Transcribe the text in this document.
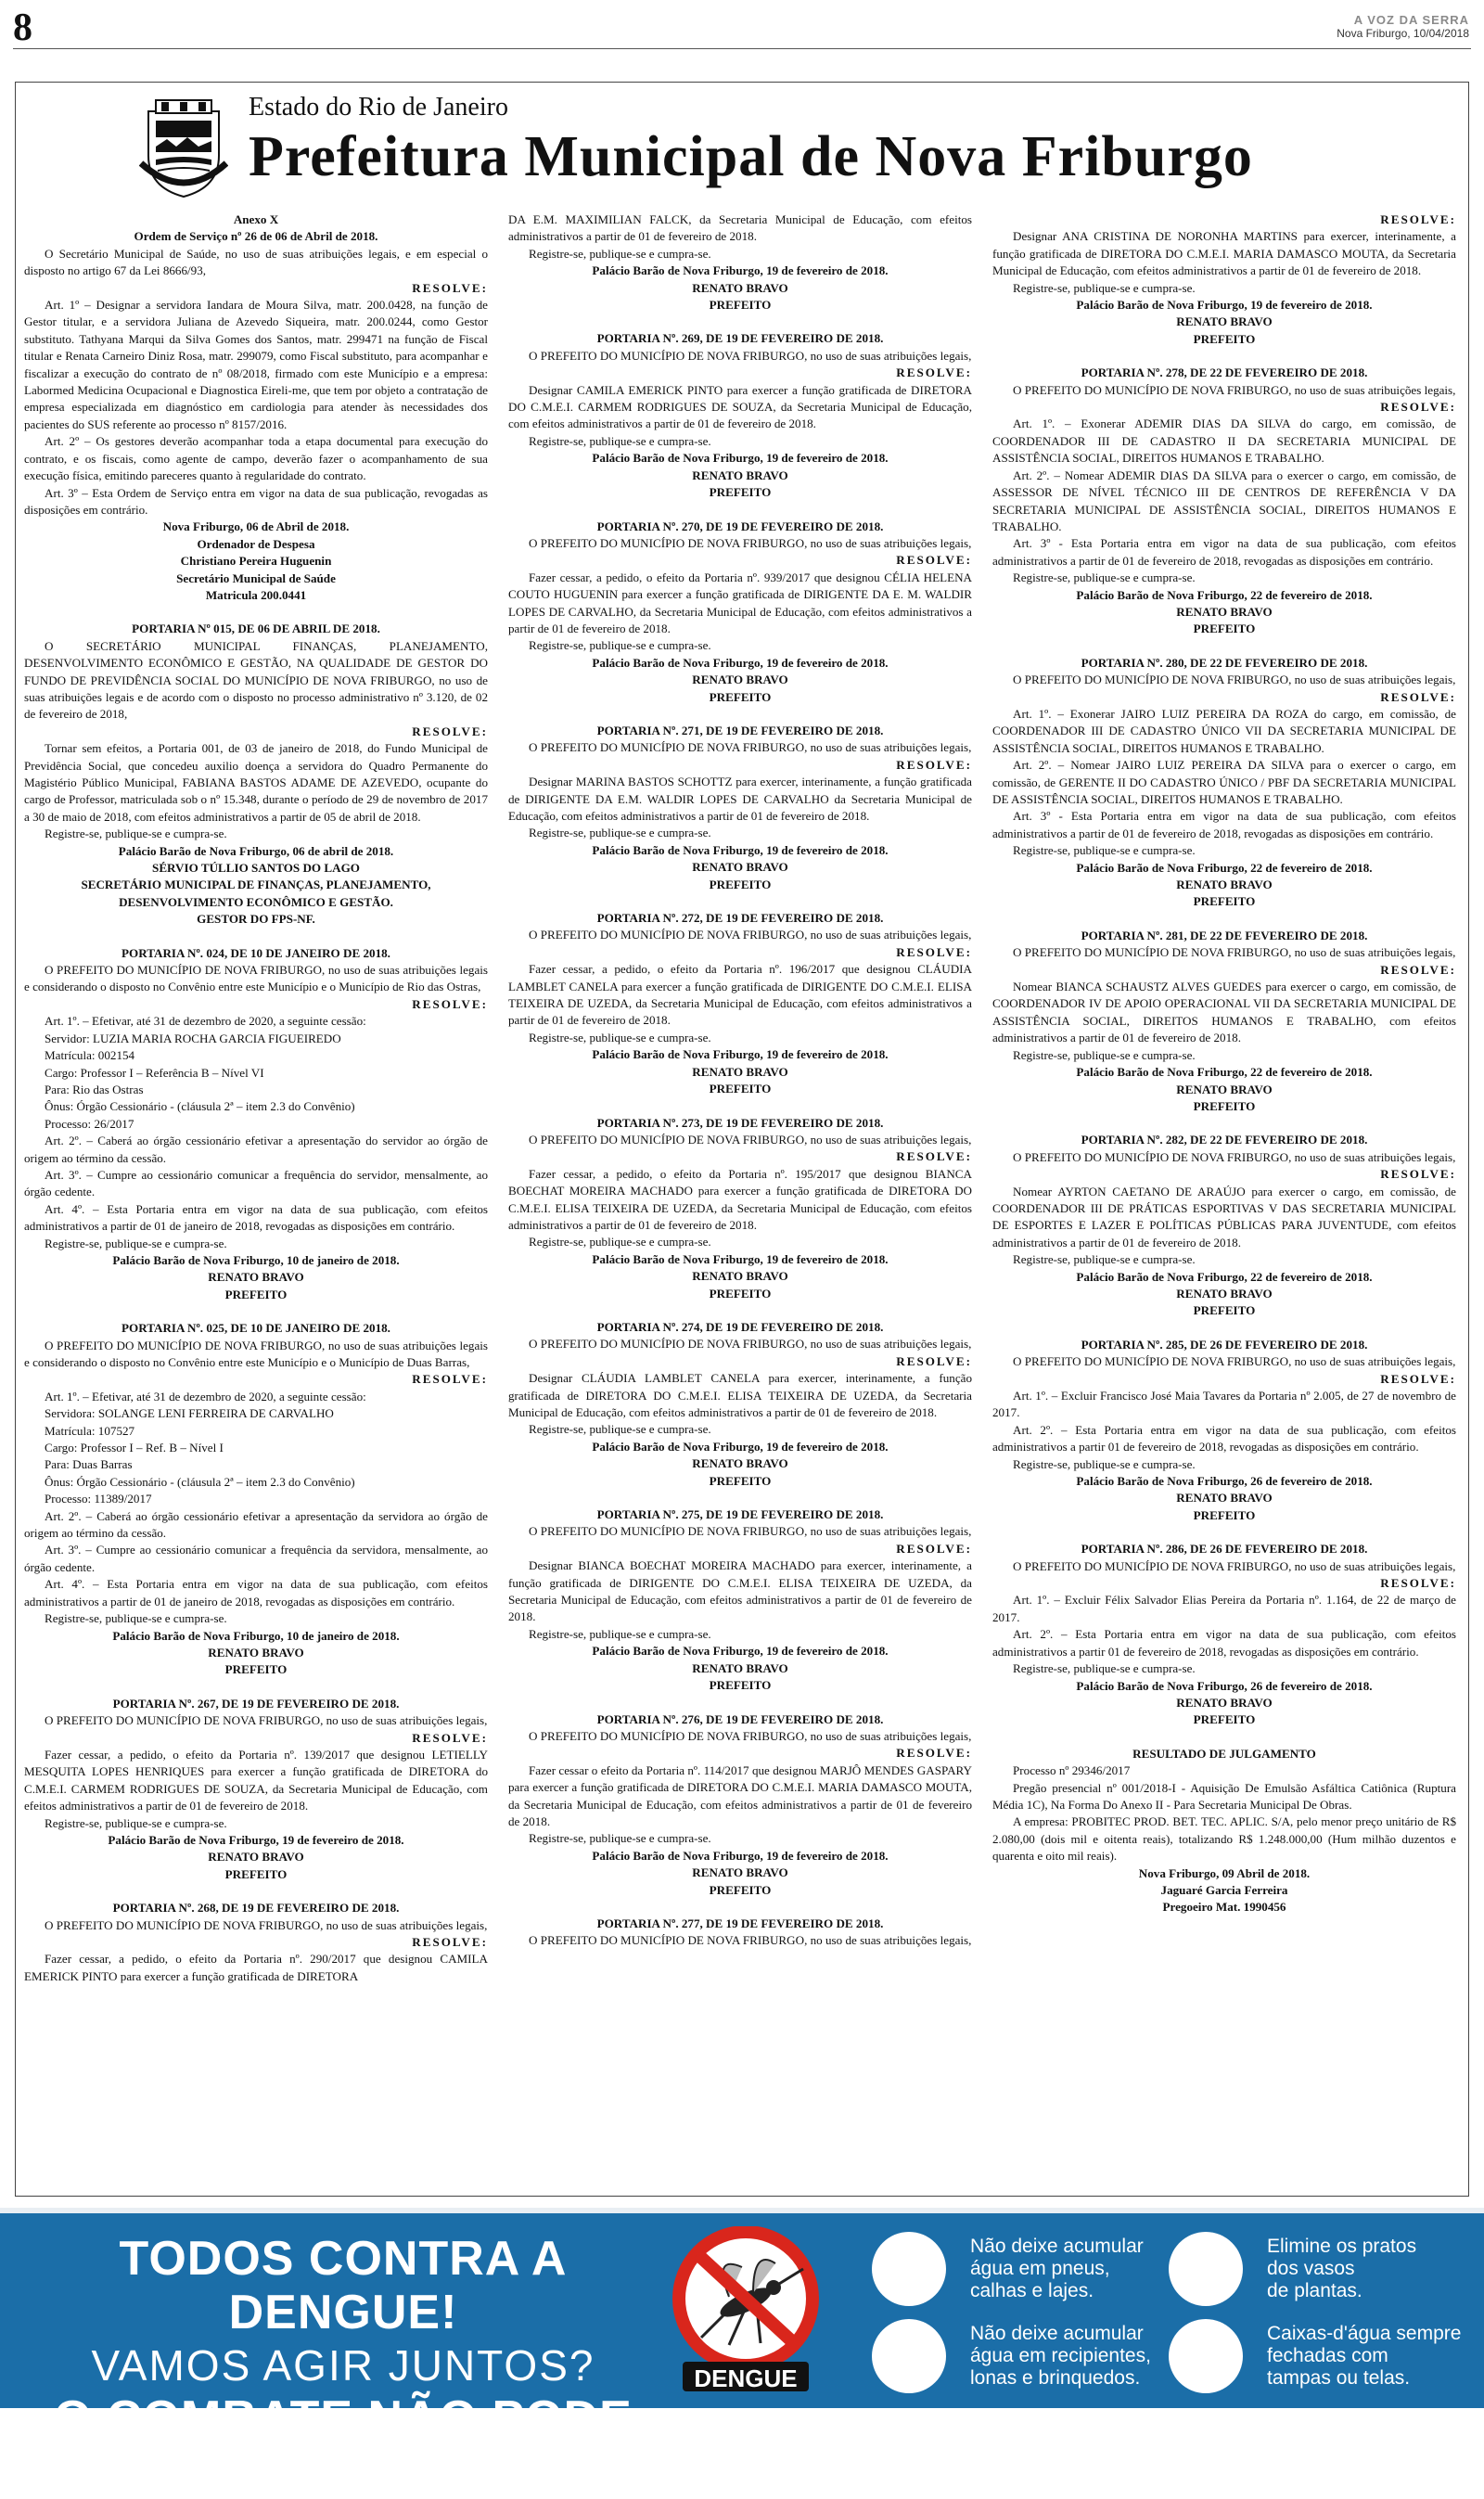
8	A VOZ DA SERRA
Nova Friburgo, 10/04/2018
Estado do Rio de Janeiro
Prefeitura Municipal de Nova Friburgo

Anexo X

Ordem de Serviço nº 26 de 06 de Abril de 2018.

O Secretário Municipal de Saúde, no uso de suas atribuições legais, e em especial o disposto no artigo 67 da Lei 8666/93,

RESOLVE:

Art. 1º – Designar a servidora Iandara de Moura Silva, matr. 200.0428, na função de Gestor titular, e a servidora Juliana de Azevedo Siqueira, matr. 200.0244, como Gestor substituto. Tathyana Marqui da Silva Gomes dos Santos, matr. 299471 na função de Fiscal titular e Renata Carneiro Diniz Rosa, matr. 299079, como Fiscal substituto, para acompanhar e fiscalizar a execução do contrato de nº 08/2018, firmado com este Município e a empresa: Labormed Medicina Ocupacional e Diagnostica Eireli-me, que tem por objeto a contratação de empresa especializada em diagnóstico em cardiologia para atender às necessidades dos pacientes do SUS referente ao processo nº 8157/2016.

Art. 2º – Os gestores deverão acompanhar toda a etapa documental para execução do contrato, e os fiscais, como agente de campo, deverão fazer o acompanhamento de sua execução física, emitindo pareceres quanto à regularidade do contrato.

Art. 3º – Esta Ordem de Serviço entra em vigor na data de sua publicação, revogadas as disposições em contrário.

Nova Friburgo, 06 de Abril de 2018.

Ordenador de Despesa

Christiano Pereira Huguenin

Secretário Municipal de Saúde

Matricula 200.0441

PORTARIA Nº 015, DE 06 DE ABRIL DE 2018.

O SECRETÁRIO MUNICIPAL FINANÇAS, PLANEJAMENTO, DESENVOLVIMENTO ECONÔMICO E GESTÃO, NA QUALIDADE DE GESTOR DO FUNDO DE PREVIDÊNCIA SOCIAL DO MUNICÍPIO DE NOVA FRIBURGO, no uso de suas atribuições legais e de acordo com o disposto no processo administrativo nº 3.120, de 02 de fevereiro de 2018,

RESOLVE:

Tornar sem efeitos, a Portaria 001, de 03 de janeiro de 2018, do Fundo Municipal de Previdência Social, que concedeu auxilio doença a servidora do Quadro Permanente do Magistério Público Municipal, FABIANA BASTOS ADAME DE AZEVEDO, ocupante do cargo de Professor, matriculada sob o nº 15.348, durante o período de 29 de novembro de 2017 a 30 de maio de 2018, com efeitos administrativos a partir de 05 de abril de 2018.

Registre-se, publique-se e cumpra-se.

Palácio Barão de Nova Friburgo, 06 de abril de 2018.

SÉRVIO TÚLLIO SANTOS DO LAGO

SECRETÁRIO MUNICIPAL DE FINANÇAS, PLANEJAMENTO, DESENVOLVIMENTO ECONÔMICO E GESTÃO.

GESTOR DO FPS-NF.

PORTARIA Nº. 024, DE 10 DE JANEIRO DE 2018.

O PREFEITO DO MUNICÍPIO DE NOVA FRIBURGO, no uso de suas atribuições legais e considerando o disposto no Convênio entre este Município e o Município de Rio das Ostras,

RESOLVE:

Art. 1º. – Efetivar, até 31 de dezembro de 2020, a seguinte cessão:

Servidor: LUZIA MARIA ROCHA GARCIA FIGUEIREDO

Matrícula: 002154

Cargo: Professor I – Referência B – Nível VI

Para: Rio das Ostras

Ônus: Órgão Cessionário - (cláusula 2ª – item 2.3 do Convênio)

Processo: 26/2017

Art. 2º. – Caberá ao órgão cessionário efetivar a apresentação do servidor ao órgão de origem ao término da cessão.

Art. 3º. – Cumpre ao cessionário comunicar a frequência do servidor, mensalmente, ao órgão cedente.

Art. 4º. – Esta Portaria entra em vigor na data de sua publicação, com efeitos administrativos a partir de 01 de janeiro de 2018, revogadas as disposições em contrário.

Registre-se, publique-se e cumpra-se.

Palácio Barão de Nova Friburgo, 10 de janeiro de 2018.

RENATO BRAVO

PREFEITO

PORTARIA Nº. 025, DE 10 DE JANEIRO DE 2018.

O PREFEITO DO MUNICÍPIO DE NOVA FRIBURGO, no uso de suas atribuições legais e considerando o disposto no Convênio entre este Município e o Município de Duas Barras,

RESOLVE:

Art. 1º. – Efetivar, até 31 de dezembro de 2020, a seguinte cessão:

Servidora: SOLANGE LENI FERREIRA DE CARVALHO

Matrícula: 107527

Cargo: Professor I – Ref. B – Nível I

Para: Duas Barras

Ônus: Órgão Cessionário - (cláusula 2ª – item 2.3 do Convênio)

Processo: 11389/2017

Art. 2º. – Caberá ao órgão cessionário efetivar a apresentação da servidora ao órgão de origem ao término da cessão.

Art. 3º. – Cumpre ao cessionário comunicar a frequência da servidora, mensalmente, ao órgão cedente.

Art. 4º. – Esta Portaria entra em vigor na data de sua publicação, com efeitos administrativos a partir de 01 de janeiro de 2018, revogadas as disposições em contrário.

Registre-se, publique-se e cumpra-se.

Palácio Barão de Nova Friburgo, 10 de janeiro de 2018.

RENATO BRAVO

PREFEITO

PORTARIA Nº. 267, DE 19 DE FEVEREIRO DE 2018.

O PREFEITO DO MUNICÍPIO DE NOVA FRIBURGO, no uso de suas atribuições legais,

RESOLVE:

Fazer cessar, a pedido, o efeito da Portaria nº. 139/2017 que designou LETIELLY MESQUITA LOPES HENRIQUES para exercer a função gratificada de DIRETORA do C.M.E.I. CARMEM RODRIGUES DE SOUZA, da Secretaria Municipal de Educação, com efeitos administrativos a partir de 01 de fevereiro de 2018.

Registre-se, publique-se e cumpra-se.

Palácio Barão de Nova Friburgo, 19 de fevereiro de 2018.

RENATO BRAVO

PREFEITO

PORTARIA Nº. 268, DE 19 DE FEVEREIRO DE 2018.

O PREFEITO DO MUNICÍPIO DE NOVA FRIBURGO, no uso de suas atribuições legais,

RESOLVE:

Fazer cessar, a pedido, o efeito da Portaria nº. 290/2017 que designou CAMILA EMERICK PINTO para exercer a função gratificada de DIRETORA

DA E.M. MAXIMILIAN FALCK, da Secretaria Municipal de Educação, com efeitos administrativos a partir de 01 de fevereiro de 2018.

Registre-se, publique-se e cumpra-se.

Palácio Barão de Nova Friburgo, 19 de fevereiro de 2018.

RENATO BRAVO

PREFEITO

PORTARIA Nº. 269, DE 19 DE FEVEREIRO DE 2018.

O PREFEITO DO MUNICÍPIO DE NOVA FRIBURGO, no uso de suas atribuições legais,

RESOLVE:

Designar CAMILA EMERICK PINTO para exercer a função gratificada de DIRETORA DO C.M.E.I. CARMEM RODRIGUES DE SOUZA, da Secretaria Municipal de Educação, com efeitos administrativos a partir de 01 de fevereiro de 2018.

Registre-se, publique-se e cumpra-se.

Palácio Barão de Nova Friburgo, 19 de fevereiro de 2018.

RENATO BRAVO

PREFEITO

PORTARIA Nº. 270, DE 19 DE FEVEREIRO DE 2018.

O PREFEITO DO MUNICÍPIO DE NOVA FRIBURGO, no uso de suas atribuições legais,

RESOLVE:

Fazer cessar, a pedido, o efeito da Portaria nº. 939/2017 que designou CÉLIA HELENA COUTO HUGUENIN para exercer a função gratificada de DIRIGENTE DA E. M. WALDIR LOPES DE CARVALHO, da Secretaria Municipal de Educação, com efeitos administrativos a partir de 01 de fevereiro de 2018.

Registre-se, publique-se e cumpra-se.

Palácio Barão de Nova Friburgo, 19 de fevereiro de 2018.

RENATO BRAVO

PREFEITO

PORTARIA Nº. 271, DE 19 DE FEVEREIRO DE 2018.

O PREFEITO DO MUNICÍPIO DE NOVA FRIBURGO, no uso de suas atribuições legais,

RESOLVE:

Designar MARINA BASTOS SCHOTTZ para exercer, interinamente, a função gratificada de DIRIGENTE DA E.M. WALDIR LOPES DE CARVALHO da Secretaria Municipal de Educação, com efeitos administrativos a partir de 01 de fevereiro de 2018.

Registre-se, publique-se e cumpra-se.

Palácio Barão de Nova Friburgo, 19 de fevereiro de 2018.

RENATO BRAVO

PREFEITO

PORTARIA Nº. 272, DE 19 DE FEVEREIRO DE 2018.

O PREFEITO DO MUNICÍPIO DE NOVA FRIBURGO, no uso de suas atribuições legais,

RESOLVE:

Fazer cessar, a pedido, o efeito da Portaria nº. 196/2017 que designou CLÁUDIA LAMBLET CANELA para exercer a função gratificada de DIRIGENTE DO C.M.E.I. ELISA TEIXEIRA DE UZEDA, da Secretaria Municipal de Educação, com efeitos administrativos a partir de 01 de fevereiro de 2018.

Registre-se, publique-se e cumpra-se.

Palácio Barão de Nova Friburgo, 19 de fevereiro de 2018.

RENATO BRAVO

PREFEITO

PORTARIA Nº. 273, DE 19 DE FEVEREIRO DE 2018.

O PREFEITO DO MUNICÍPIO DE NOVA FRIBURGO, no uso de suas atribuições legais,

RESOLVE:

Fazer cessar, a pedido, o efeito da Portaria nº. 195/2017 que designou BIANCA BOECHAT MOREIRA MACHADO para exercer a função gratificada de DIRETORA DO C.M.E.I. ELISA TEIXEIRA DE UZEDA, da Secretaria Municipal de Educação, com efeitos administrativos a partir de 01 de fevereiro de 2018.

Registre-se, publique-se e cumpra-se.

Palácio Barão de Nova Friburgo, 19 de fevereiro de 2018.

RENATO BRAVO

PREFEITO

PORTARIA Nº. 274, DE 19 DE FEVEREIRO DE 2018.

O PREFEITO DO MUNICÍPIO DE NOVA FRIBURGO, no uso de suas atribuições legais,

RESOLVE:

Designar CLÁUDIA LAMBLET CANELA para exercer, interinamente, a função gratificada de DIRETORA DO C.M.E.I. ELISA TEIXEIRA DE UZEDA, da Secretaria Municipal de Educação, com efeitos administrativos a partir de 01 de fevereiro de 2018.

Registre-se, publique-se e cumpra-se.

Palácio Barão de Nova Friburgo, 19 de fevereiro de 2018.

RENATO BRAVO

PREFEITO

PORTARIA Nº. 275, DE 19 DE FEVEREIRO DE 2018.

O PREFEITO DO MUNICÍPIO DE NOVA FRIBURGO, no uso de suas atribuições legais,

RESOLVE:

Designar BIANCA BOECHAT MOREIRA MACHADO para exercer, interinamente, a função gratificada de DIRIGENTE DO C.M.E.I. ELISA TEIXEIRA DE UZEDA, da Secretaria Municipal de Educação, com efeitos administrativos a partir de 01 de fevereiro de 2018.

Registre-se, publique-se e cumpra-se.

Palácio Barão de Nova Friburgo, 19 de fevereiro de 2018.

RENATO BRAVO

PREFEITO

PORTARIA Nº. 276, DE 19 DE FEVEREIRO DE 2018.

O PREFEITO DO MUNICÍPIO DE NOVA FRIBURGO, no uso de suas atribuições legais,

RESOLVE:

Fazer cessar o efeito da Portaria nº. 114/2017 que designou MARJÔ MENDES GASPARY para exercer a função gratificada de DIRETORA DO C.M.E.I. MARIA DAMASCO MOUTA, da Secretaria Municipal de Educação, com efeitos administrativos a partir de 01 de fevereiro de 2018.

Registre-se, publique-se e cumpra-se.

Palácio Barão de Nova Friburgo, 19 de fevereiro de 2018.

RENATO BRAVO

PREFEITO

PORTARIA Nº. 277, DE 19 DE FEVEREIRO DE 2018.

O PREFEITO DO MUNICÍPIO DE NOVA FRIBURGO, no uso de suas atribuições legais,

RESOLVE:

Designar ANA CRISTINA DE NORONHA MARTINS para exercer, interinamente, a função gratificada de DIRETORA DO C.M.E.I. MARIA DAMASCO MOUTA, da Secretaria Municipal de Educação, com efeitos administrativos a partir de 01 de fevereiro de 2018.

Registre-se, publique-se e cumpra-se.

Palácio Barão de Nova Friburgo, 19 de fevereiro de 2018.

RENATO BRAVO

PREFEITO

PORTARIA Nº. 278, DE 22 DE FEVEREIRO DE 2018.

O PREFEITO DO MUNICÍPIO DE NOVA FRIBURGO, no uso de suas atribuições legais,

RESOLVE:

Art. 1º. – Exonerar ADEMIR DIAS DA SILVA do cargo, em comissão, de COORDENADOR III DE CADASTRO II DA SECRETARIA MUNICIPAL DE ASSISTÊNCIA SOCIAL, DIREITOS HUMANOS E TRABALHO.

Art. 2º. – Nomear ADEMIR DIAS DA SILVA para o exercer o cargo, em comissão, de ASSESSOR DE NÍVEL TÉCNICO III DE CENTROS DE REFERÊNCIA V DA SECRETARIA MUNICIPAL DE ASSISTÊNCIA SOCIAL, DIREITOS HUMANOS E TRABALHO.

Art. 3º - Esta Portaria entra em vigor na data de sua publicação, com efeitos administrativos a partir de 01 de fevereiro de 2018, revogadas as disposições em contrário.

Registre-se, publique-se e cumpra-se.

Palácio Barão de Nova Friburgo, 22 de fevereiro de 2018.

RENATO BRAVO

PREFEITO

PORTARIA Nº. 280, DE 22 DE FEVEREIRO DE 2018.

O PREFEITO DO MUNICÍPIO DE NOVA FRIBURGO, no uso de suas atribuições legais,

RESOLVE:

Art. 1º. – Exonerar JAIRO LUIZ PEREIRA DA ROZA do cargo, em comissão, de COORDENADOR III DE CADASTRO ÚNICO VII DA SECRETARIA MUNICIPAL DE ASSISTÊNCIA SOCIAL, DIREITOS HUMANOS E TRABALHO.

Art. 2º. – Nomear JAIRO LUIZ PEREIRA DA SILVA para o exercer o cargo, em comissão, de GERENTE II DO CADASTRO ÚNICO / PBF DA SECRETARIA MUNICIPAL DE ASSISTÊNCIA SOCIAL, DIREITOS HUMANOS E TRABALHO.

Art. 3º - Esta Portaria entra em vigor na data de sua publicação, com efeitos administrativos a partir de 01 de fevereiro de 2018, revogadas as disposições em contrário.

Registre-se, publique-se e cumpra-se.

Palácio Barão de Nova Friburgo, 22 de fevereiro de 2018.

RENATO BRAVO

PREFEITO

PORTARIA Nº. 281, DE 22 DE FEVEREIRO DE 2018.

O PREFEITO DO MUNICÍPIO DE NOVA FRIBURGO, no uso de suas atribuições legais,

RESOLVE:

Nomear BIANCA SCHAUSTZ ALVES GUEDES para exercer o cargo, em comissão, de COORDENADOR IV DE APOIO OPERACIONAL VII DA SECRETARIA MUNICIPAL DE ASSISTÊNCIA SOCIAL, DIREITOS HUMANOS E TRABALHO, com efeitos administrativos a partir de 01 de fevereiro de 2018.

Registre-se, publique-se e cumpra-se.

Palácio Barão de Nova Friburgo, 22 de fevereiro de 2018.

RENATO BRAVO

PREFEITO

PORTARIA Nº. 282, DE 22 DE FEVEREIRO DE 2018.

O PREFEITO DO MUNICÍPIO DE NOVA FRIBURGO, no uso de suas atribuições legais,

RESOLVE:

Nomear AYRTON CAETANO DE ARAÚJO para exercer o cargo, em comissão, de COORDENADOR III DE PRÁTICAS ESPORTIVAS V DAS SECRETARIA MUNICIPAL DE ESPORTES E LAZER E POLÍTICAS PÚBLICAS PARA JUVENTUDE, com efeitos administrativos a partir de 01 de fevereiro de 2018.

Registre-se, publique-se e cumpra-se.

Palácio Barão de Nova Friburgo, 22 de fevereiro de 2018.

RENATO BRAVO

PREFEITO

PORTARIA Nº. 285, DE 26 DE FEVEREIRO DE 2018.

O PREFEITO DO MUNICÍPIO DE NOVA FRIBURGO, no uso de suas atribuições legais,

RESOLVE:

Art. 1º. – Excluir Francisco José Maia Tavares da Portaria nº 2.005, de 27 de novembro de 2017.

Art. 2º. – Esta Portaria entra em vigor na data de sua publicação, com efeitos administrativos a partir 01 de fevereiro de 2018, revogadas as disposições em contrário.

Registre-se, publique-se e cumpra-se.

Palácio Barão de Nova Friburgo, 26 de fevereiro de 2018.

RENATO BRAVO

PREFEITO

PORTARIA Nº. 286, DE 26 DE FEVEREIRO DE 2018.

O PREFEITO DO MUNICÍPIO DE NOVA FRIBURGO, no uso de suas atribuições legais,

RESOLVE:

Art. 1º. – Excluir Félix Salvador Elias Pereira da Portaria nº. 1.164, de 22 de março de 2017.

Art. 2º. – Esta Portaria entra em vigor na data de sua publicação, com efeitos administrativos a partir 01 de fevereiro de 2018, revogadas as disposições em contrário.

Registre-se, publique-se e cumpra-se.

Palácio Barão de Nova Friburgo, 26 de fevereiro de 2018.

RENATO BRAVO

PREFEITO

RESULTADO DE JULGAMENTO

Processo nº 29346/2017

Pregão presencial nº 001/2018-I - Aquisição De Emulsão Asfáltica Catiônica (Ruptura Média 1C), Na Forma Do Anexo II - Para Secretaria Municipal De Obras.

A empresa: PROBITEC PROD. BET. TEC. APLIC. S/A, pelo menor preço unitário de R$ 2.080,00 (dois mil e oitenta reais), totalizando R$ 1.248.000,00 (Hum milhão duzentos e quarenta e oito mil reais).

Nova Friburgo, 09 Abril de 2018.

Jaguaré Garcia Ferreira

Pregoeiro Mat. 1990456

TODOS CONTRA A DENGUE!
VAMOS AGIR JUNTOS?
O COMBATE NÃO PODE PARAR!
DENGUE
Não deixe acumular
água em pneus,
calhas e lajes.
Elimine os pratos
dos vasos
de plantas.
Não deixe acumular
água em recipientes,
lonas e brinquedos.
Caixas-d'água sempre
fechadas com
tampas ou telas.
